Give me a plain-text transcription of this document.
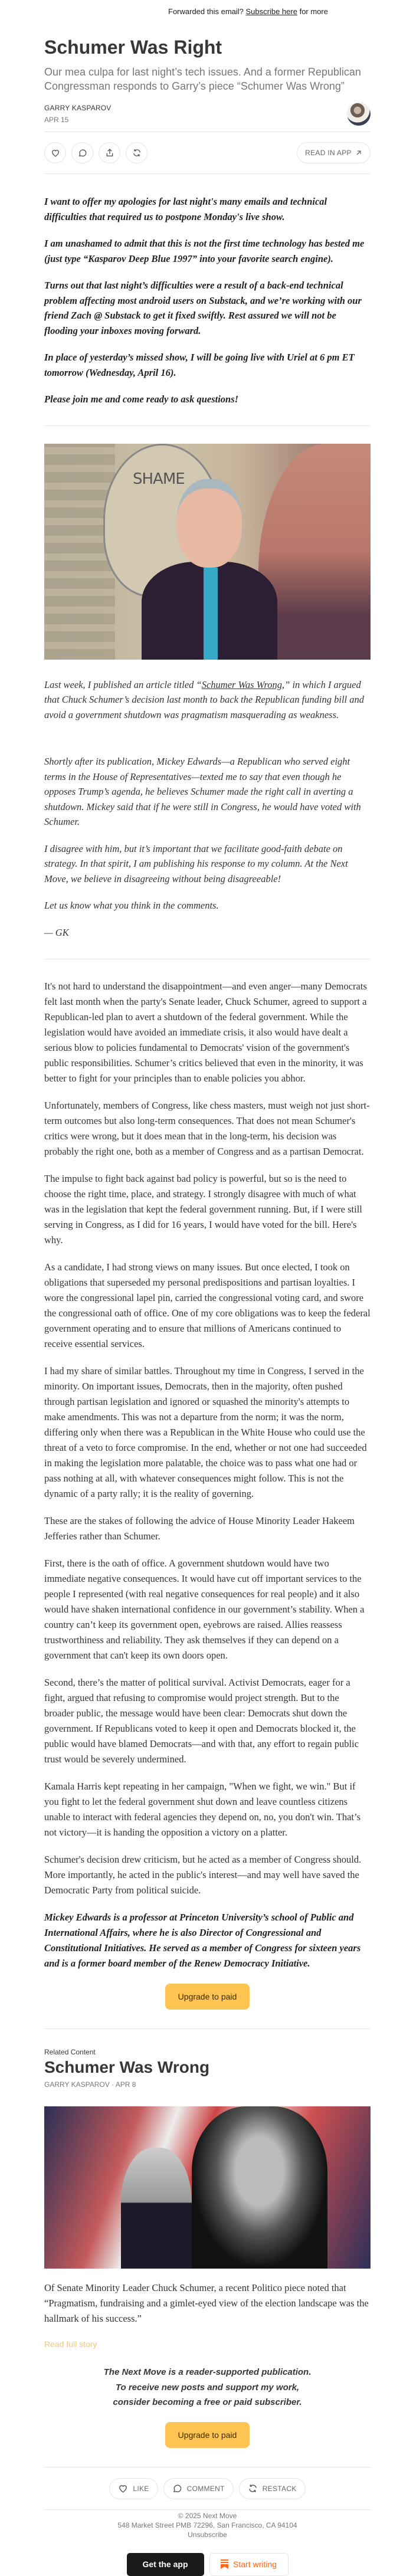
Forwarded this email? Subscribe here for more
Schumer Was Right
Our mea culpa for last night’s tech issues. And a former Republican Congressman responds to Garry’s piece “Schumer Was Wrong”
GARRY KASPAROV
APR 15
READ IN APP

I want to offer my apologies for last night's many emails and technical difficulties that required us to postpone Monday's live show.

I am unashamed to admit that this is not the first time technology has bested me (just type “Kasparov Deep Blue 1997” into your favorite search engine).

Turns out that last night’s difficulties were a result of a back-end technical problem affecting most android users on Substack, and we’re working with our friend Zach @ Substack to get it fixed swiftly. Rest assured we will not be flooding your inboxes moving forward.

In place of yesterday’s missed show, I will be going live with Uriel at 6 pm ET tomorrow (Wednesday, April 16).

Please join me and come ready to ask questions!

SHAME

Last week, I published an article titled “Schumer Was Wrong,” in which I argued that Chuck Schumer’s decision last month to back the Republican funding bill and avoid a government shutdown was pragmatism masquerading as weakness.

Shortly after its publication, Mickey Edwards—a Republican who served eight terms in the House of Representatives—texted me to say that even though he opposes Trump’s agenda, he believes Schumer made the right call in averting a shutdown. Mickey said that if he were still in Congress, he would have voted with Schumer.

I disagree with him, but it’s important that we facilitate good-faith debate on strategy. In that spirit, I am publishing his response to my column. At the Next Move, we believe in disagreeing without being disagreeable!

Let us know what you think in the comments.

— GK

It's not hard to understand the disappointment—and even anger—many Democrats felt last month when the party's Senate leader, Chuck Schumer, agreed to support a Republican-led plan to avert a shutdown of the federal government. While the legislation would have avoided an immediate crisis, it also would have dealt a serious blow to policies fundamental to Democrats' vision of the government's public responsibilities. Schumer’s critics believed that even in the minority, it was better to fight for your principles than to enable policies you abhor.

Unfortunately, members of Congress, like chess masters, must weigh not just short-term outcomes but also long-term consequences. That does not mean Schumer's critics were wrong, but it does mean that in the long-term, his decision was probably the right one, both as a member of Congress and as a partisan Democrat.

The impulse to fight back against bad policy is powerful, but so is the need to choose the right time, place, and strategy. I strongly disagree with much of what was in the legislation that kept the federal government running. But, if I were still serving in Congress, as I did for 16 years, I would have voted for the bill. Here's why.

As a candidate, I had strong views on many issues. But once elected, I took on obligations that superseded my personal predispositions and partisan loyalties. I wore the congressional lapel pin, carried the congressional voting card, and swore the congressional oath of office. One of my core obligations was to keep the federal government operating and to ensure that millions of Americans continued to receive essential services.

I had my share of similar battles. Throughout my time in Congress, I served in the minority. On important issues, Democrats, then in the majority, often pushed through partisan legislation and ignored or squashed the minority's attempts to make amendments. This was not a departure from the norm; it was the norm, differing only when there was a Republican in the White House who could use the threat of a veto to force compromise. In the end, whether or not one had succeeded in making the legislation more palatable, the choice was to pass what one had or pass nothing at all, with whatever consequences might follow. This is not the dynamic of a party rally; it is the reality of governing.

These are the stakes of following the advice of House Minority Leader Hakeem Jefferies rather than Schumer.

First, there is the oath of office. A government shutdown would have two immediate negative consequences. It would have cut off important services to the people I represented (with real negative consequences for real people) and it also would have shaken international confidence in our government’s stability. When a country can’t keep its government open, eyebrows are raised. Allies reassess trustworthiness and reliability. They ask themselves if they can depend on a government that can't keep its own doors open.

Second, there’s the matter of political survival. Activist Democrats, eager for a fight, argued that refusing to compromise would project strength. But to the broader public, the message would have been clear: Democrats shut down the government. If Republicans voted to keep it open and Democrats blocked it, the public would have blamed Democrats—and with that, any effort to regain public trust would be severely undermined.

Kamala Harris kept repeating in her campaign, "When we fight, we win." But if you fight to let the federal government shut down and leave countless citizens unable to interact with federal agencies they depend on, no, you don't win. That’s not victory—it is handing the opposition a victory on a platter.

Schumer's decision drew criticism, but he acted as a member of Congress should. More importantly, he acted in the public's interest—and may well have saved the Democratic Party from political suicide.

Mickey Edwards is a professor at Princeton University’s school of Public and International Affairs, where he is also Director of Congressional and Constitutional Initiatives. He served as a member of Congress for sixteen years and is a former board member of the Renew Democracy Initiative.

Upgrade to paid
Related Content
Schumer Was Wrong
GARRY KASPAROV · APR 8
Of Senate Minority Leader Chuck Schumer, a recent Politico piece noted that “Pragmatism, fundraising and a gimlet-eyed view of the election landscape was the hallmark of his success.”
Read full story
The Next Move is a reader-supported publication.
To receive new posts and support my work,
consider becoming a free or paid subscriber.
Upgrade to paid
LIKE	COMMENT	RESTACK
© 2025 Next Move
548 Market Street PMB 72296, San Francisco, CA 94104
Unsubscribe
Get the app	Start writing
